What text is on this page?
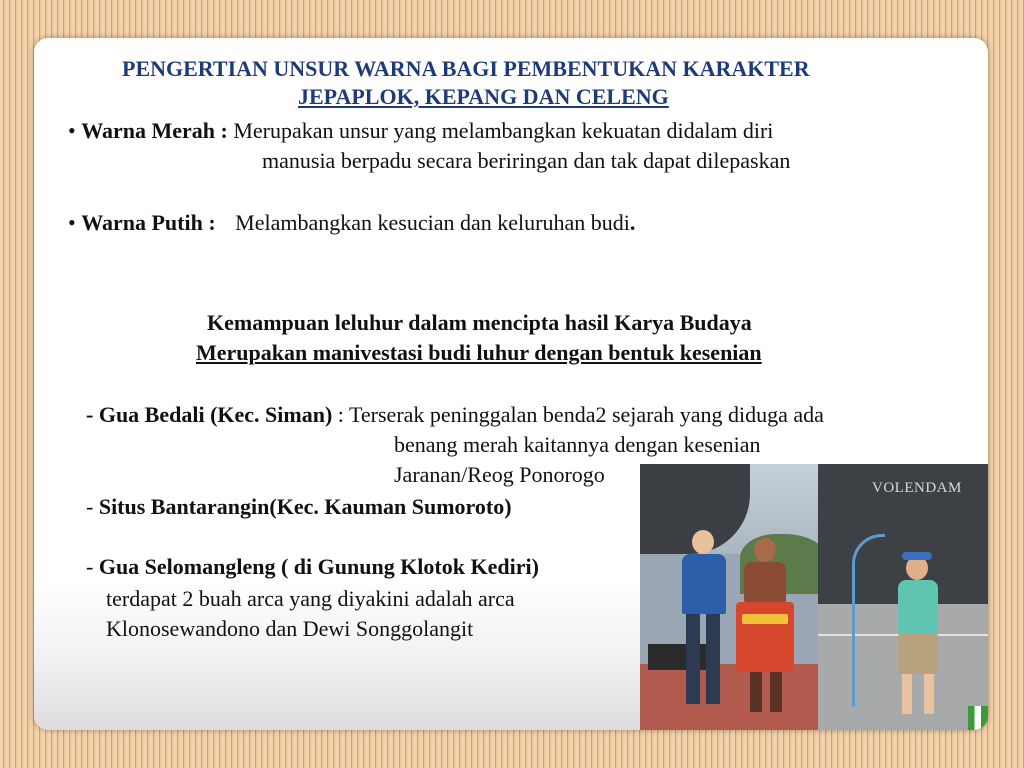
PENGERTIAN UNSUR WARNA BAGI PEMBENTUKAN KARAKTER
JEPAPLOK, KEPANG DAN CELENG
• Warna Merah : Merupakan unsur yang melambangkan kekuatan didalam diri
manusia berpadu secara beriringan dan tak dapat dilepaskan
• Warna Putih : Melambangkan kesucian dan keluruhan budi.
Kemampuan leluhur dalam mencipta hasil Karya Budaya
Merupakan manivestasi budi luhur dengan bentuk kesenian
- Gua Bedali (Kec. Siman) : Terserak peninggalan benda2 sejarah yang diduga ada
benang merah kaitannya dengan kesenian
Jaranan/Reog Ponorogo
- Situs Bantarangin(Kec. Kauman Sumoroto)
- Gua Selomangleng ( di Gunung Klotok Kediri)
terdapat 2 buah arca yang diyakini adalah arca
Klonosewandono dan Dewi Songgolangit
VOLENDAM
